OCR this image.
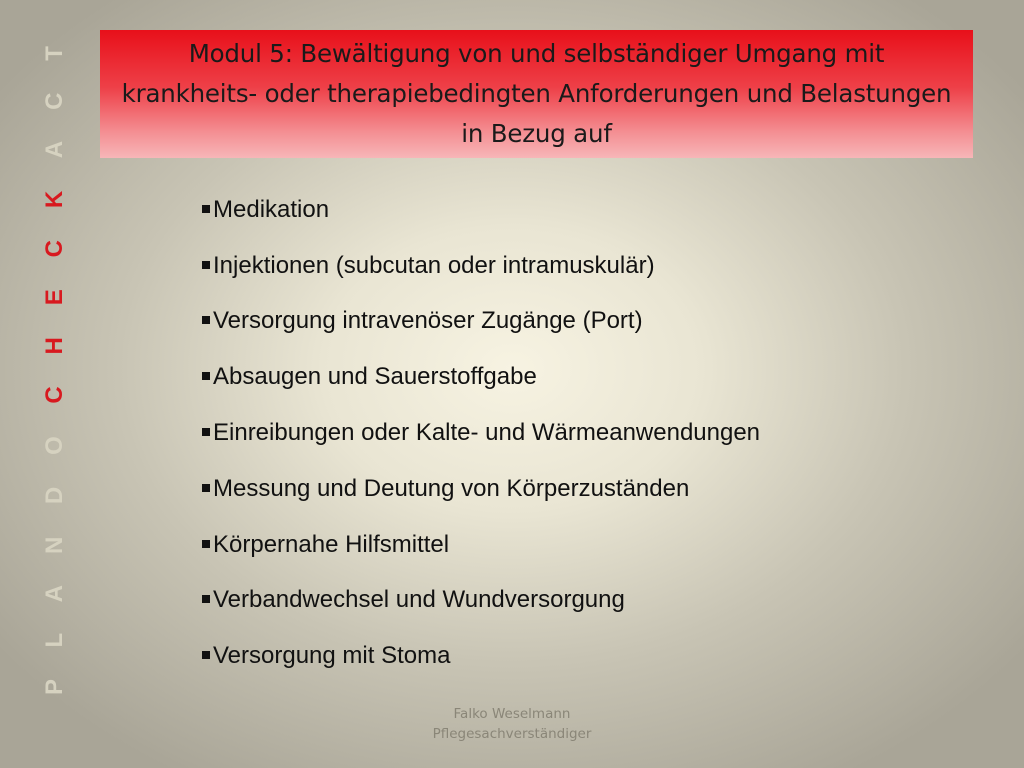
Modul 5: Bewältigung von und selbständiger Umgang mit krankheits- oder therapiebedingten Anforderungen und Belastungen in Bezug auf
P L A ND OC H E C KA C T
Medikation
Injektionen (subcutan oder intramuskulär)
Versorgung intravenöser Zugänge (Port)
Absaugen und Sauerstoffgabe
Einreibungen oder Kalte- und Wärmeanwendungen
Messung und Deutung von Körperzuständen
Körpernahe Hilfsmittel
Verbandwechsel und Wundversorgung
Versorgung mit Stoma
Falko Weselmann
Pflegesachverständiger
